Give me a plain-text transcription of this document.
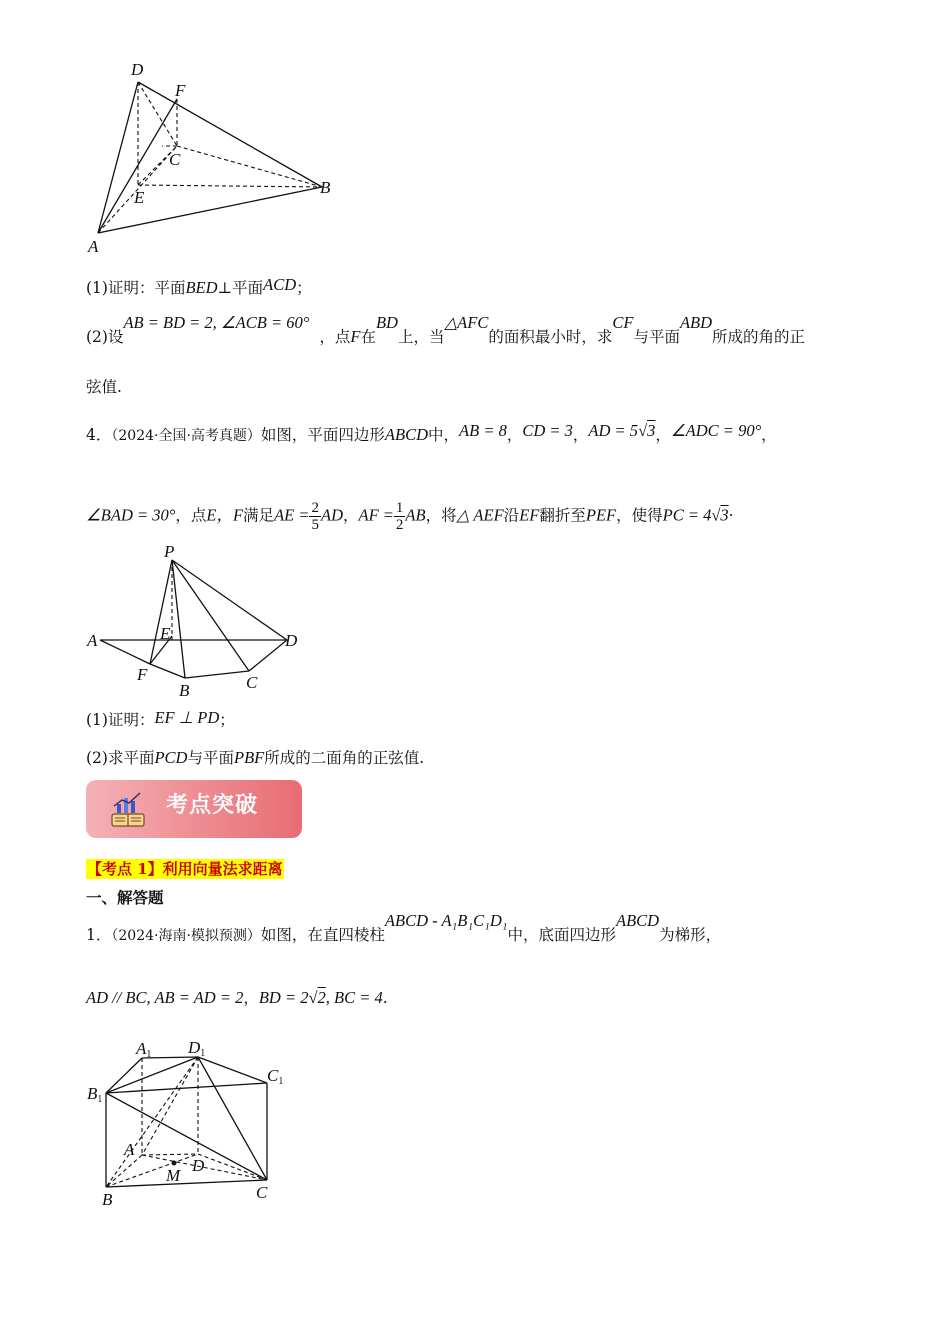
D
F
C
E
B
A
(1)证明：平面BED⊥平面ACD；
(2)设AB = BD = 2, ∠ACB = 60°，点F在BD上，当△AFC的面积最小时，求CF与平面ABD所成的角的正
弦值.
4．（2024·全国·高考真题）如图，平面四边形ABCD中，AB = 8，CD = 3，AD = 5√3，∠ADC = 90°，
∠BAD = 30°，点E，F满足AE = $\frac{2}{5}$ AD，AF = $\frac{1}{2}$ AB，将△ AEF沿EF翻折至PEF，使得PC = 4√3·
P
A	E	D
F
B	C
(1)证明：EF ⊥ PD；
(2)求平面PCD与平面PBF所成的二面角的正弦值.
考点突破
【考点 1】利用向量法求距离
一、解答题
1．（2024·海南·模拟预测）如图，在直四棱柱ABCD - A₁B₁C₁D₁中，底面四边形ABCD为梯形，
AD // BC, AB = AD = 2，BD = 2√2, BC = 4.
A1 D1
B1
C1
A
D
M
B	C
